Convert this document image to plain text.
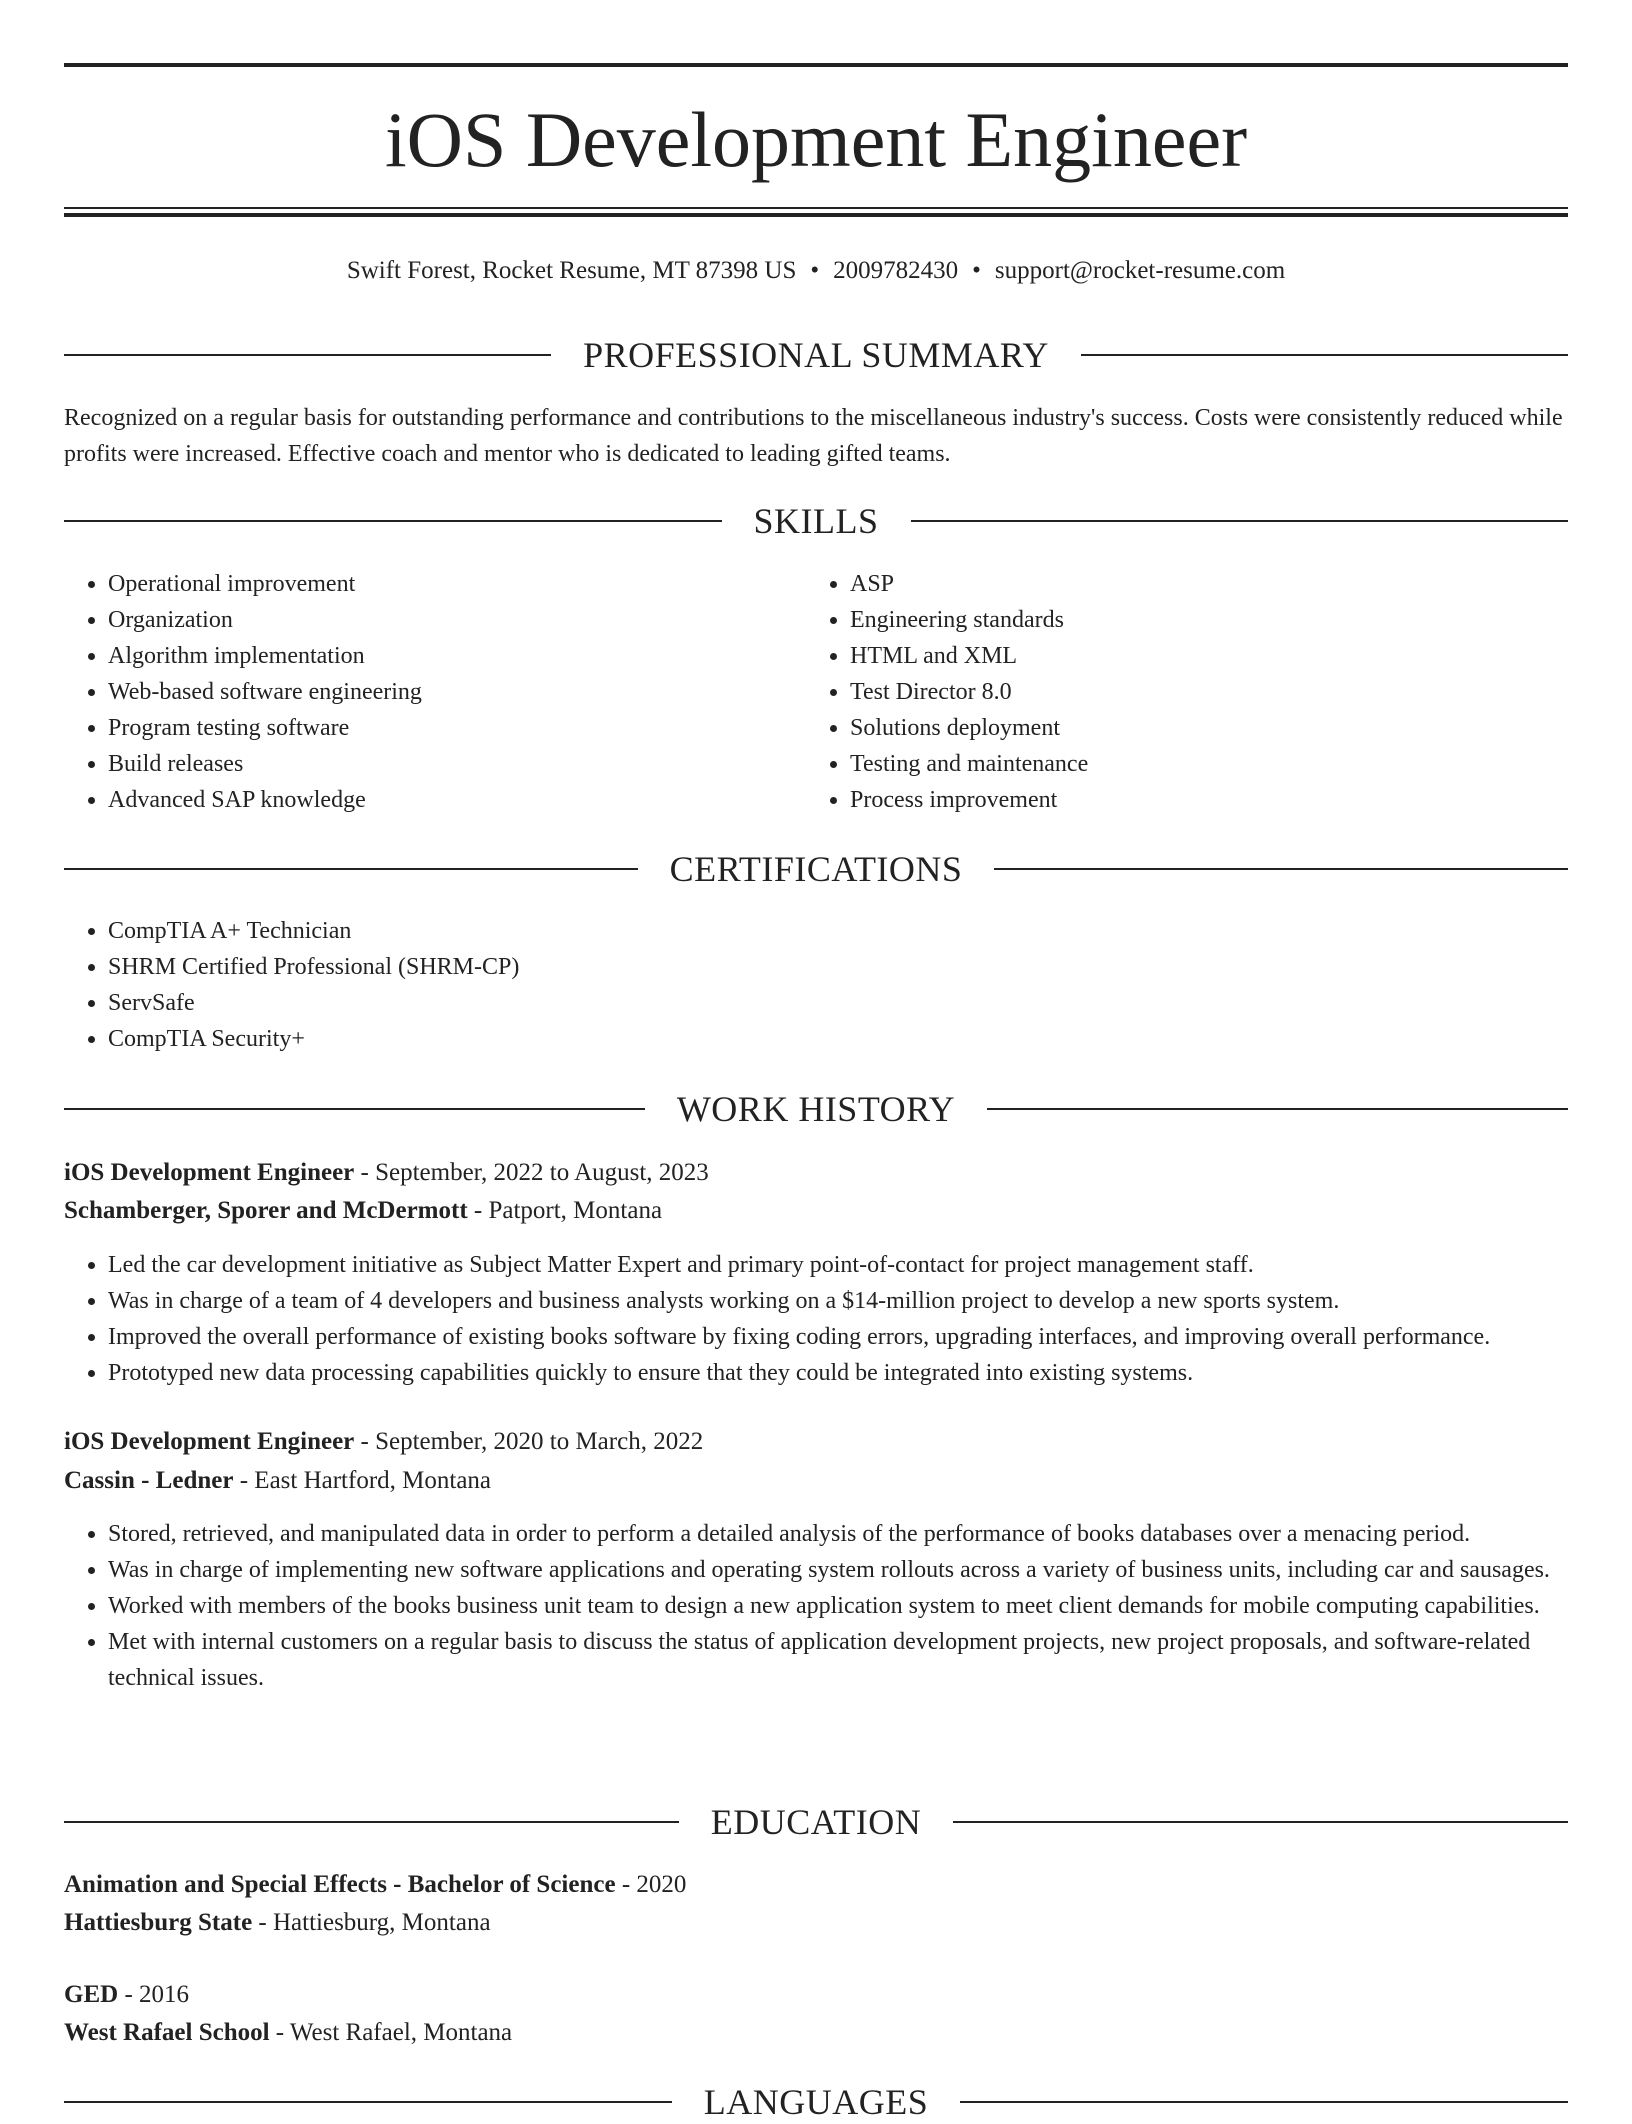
iOS Development Engineer
Swift Forest, Rocket Resume, MT 87398 US • 2009782430 • support@rocket-resume.com
PROFESSIONAL SUMMARY

Recognized on a regular basis for outstanding performance and contributions to the miscellaneous industry's success. Costs were consistently reduced while profits were increased. Effective coach and mentor who is dedicated to leading gifted teams.

SKILLS
• Operational improvement
• Organization
• Algorithm implementation
• Web-based software engineering
• Program testing software
• Build releases
• Advanced SAP knowledge
• ASP
• Engineering standards
• HTML and XML
• Test Director 8.0
• Solutions deployment
• Testing and maintenance
• Process improvement
CERTIFICATIONS
• CompTIA A+ Technician
• SHRM Certified Professional (SHRM-CP)
• ServSafe
• CompTIA Security+
WORK HISTORY
iOS Development Engineer - September, 2022 to August, 2023
Schamberger, Sporer and McDermott - Patport, Montana
• Led the car development initiative as Subject Matter Expert and primary point-of-contact for project management staff.
• Was in charge of a team of 4 developers and business analysts working on a $14-million project to develop a new sports system.
• Improved the overall performance of existing books software by fixing coding errors, upgrading interfaces, and improving overall performance.
• Prototyped new data processing capabilities quickly to ensure that they could be integrated into existing systems.
iOS Development Engineer - September, 2020 to March, 2022
Cassin - Ledner - East Hartford, Montana
• Stored, retrieved, and manipulated data in order to perform a detailed analysis of the performance of books databases over a menacing period.
• Was in charge of implementing new software applications and operating system rollouts across a variety of business units, including car and sausages.
• Worked with members of the books business unit team to design a new application system to meet client demands for mobile computing capabilities.
• Met with internal customers on a regular basis to discuss the status of application development projects, new project proposals, and software-related technical issues.
EDUCATION
Animation and Special Effects - Bachelor of Science - 2020
Hattiesburg State - Hattiesburg, Montana
GED - 2016
West Rafael School - West Rafael, Montana
LANGUAGES
